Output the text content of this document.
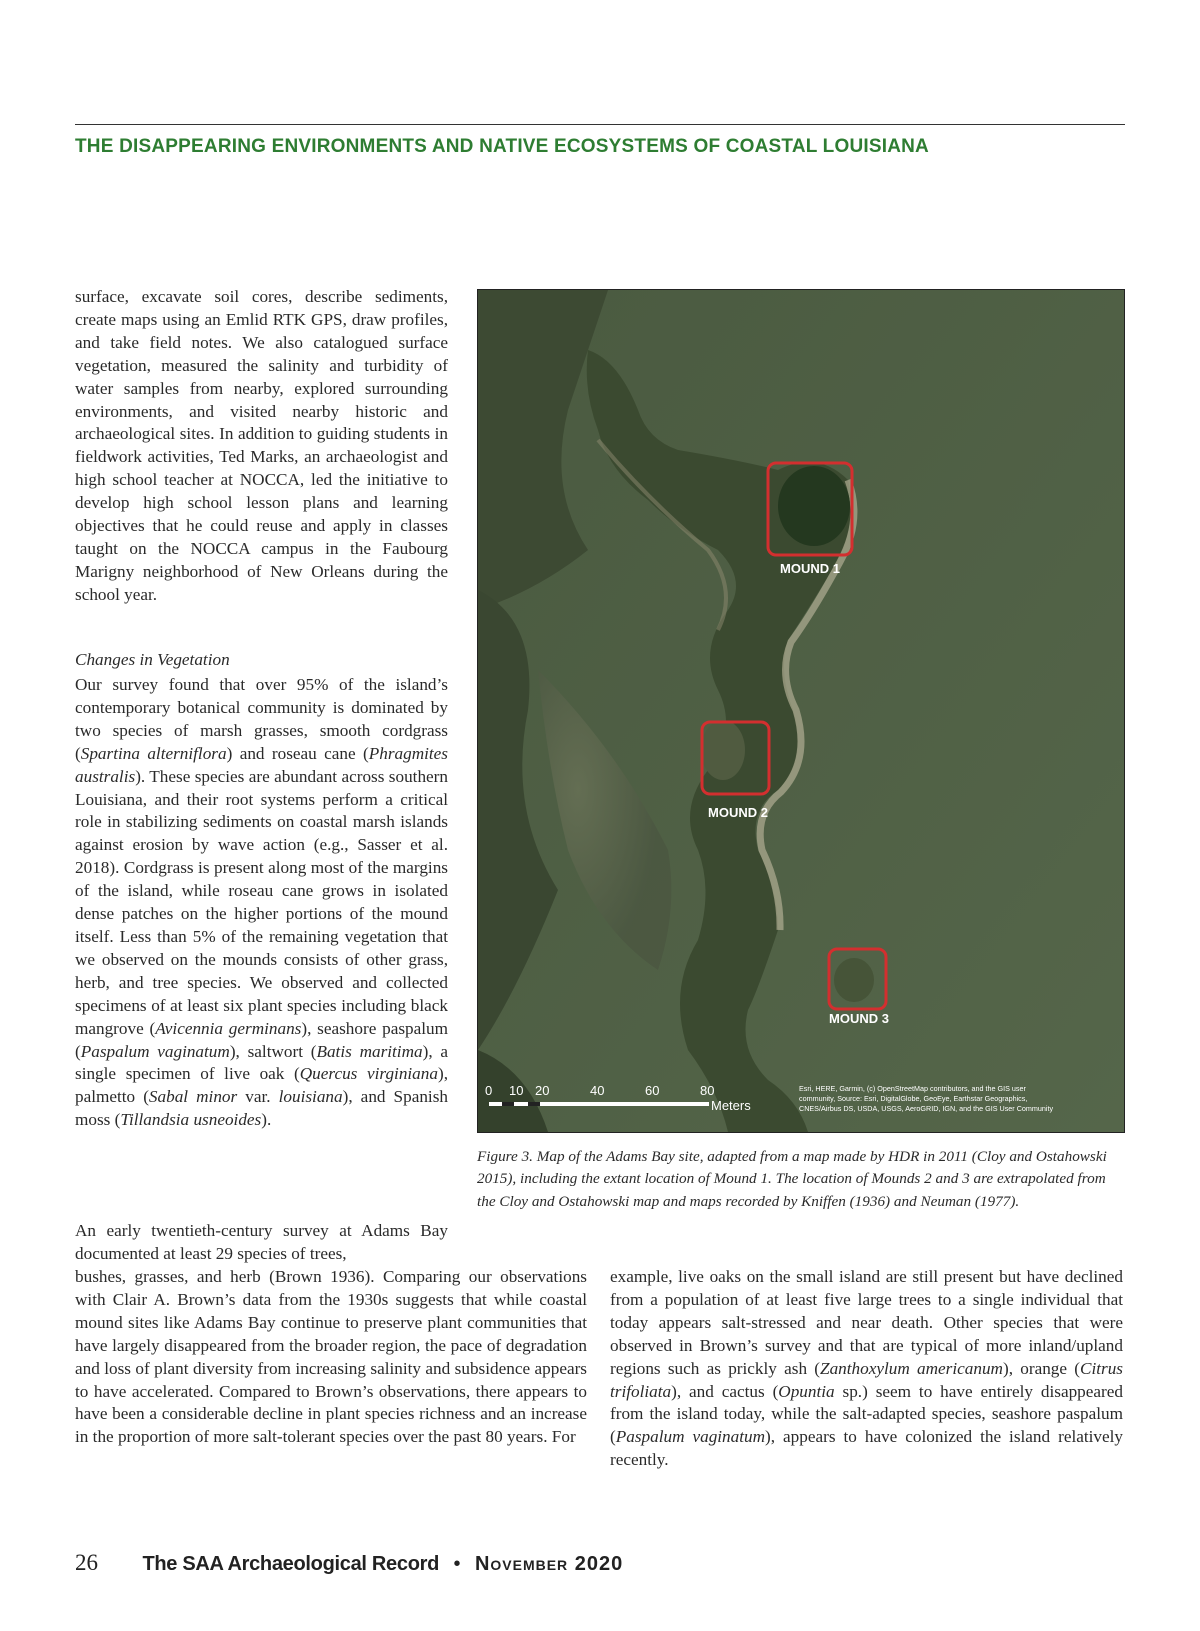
THE DISAPPEARING ENVIRONMENTS AND NATIVE ECOSYSTEMS OF COASTAL LOUISIANA

surface, excavate soil cores, describe sediments, create maps using an Emlid RTK GPS, draw profiles, and take field notes. We also catalogued surface vegetation, measured the salinity and turbidity of water samples from nearby, explored surrounding environments, and visited nearby historic and archaeological sites. In addition to guiding students in fieldwork activities, Ted Marks, an archaeologist and high school teacher at NOCCA, led the initiative to develop high school lesson plans and learning objectives that he could reuse and apply in classes taught on the NOCCA campus in the Faubourg Marigny neighborhood of New Orleans during the school year.

Changes in Vegetation

Our survey found that over 95% of the island’s contemporary botanical community is dominated by two species of marsh grasses, smooth cordgrass (Spartina alterniflora) and roseau cane (Phragmites australis). These species are abundant across southern Louisiana, and their root systems perform a critical role in stabilizing sediments on coastal marsh islands against erosion by wave action (e.g., Sasser et al. 2018). Cordgrass is present along most of the margins of the island, while roseau cane grows in isolated dense patches on the higher portions of the mound itself. Less than 5% of the remaining vegetation that we observed on the mounds consists of other grass, herb, and tree species. We observed and collected specimens of at least six plant species including black mangrove (Avicennia germinans), seashore paspalum (Paspalum vaginatum), saltwort (Batis maritima), a single specimen of live oak (Quercus virginiana), palmetto (Sabal minor var. louisiana), and Spanish moss (Tillandsia usneoides).

An early twentieth-century survey at Adams Bay documented at least 29 species of trees,

bushes, grasses, and herb (Brown 1936). Comparing our observations with Clair A. Brown’s data from the 1930s suggests that while coastal mound sites like Adams Bay continue to preserve plant communities that have largely disappeared from the broader region, the pace of degradation and loss of plant diversity from increasing salinity and subsidence appears to have accelerated. Compared to Brown’s observations, there appears to have been a considerable decline in plant species richness and an increase in the proportion of more salt-tolerant species over the past 80 years. For

example, live oaks on the small island are still present but have declined from a population of at least five large trees to a single individual that today appears salt-stressed and near death. Other species that were observed in Brown’s survey and that are typical of more inland/upland regions such as prickly ash (Zanthoxylum americanum), orange (Citrus trifoliata), and cactus (Opuntia sp.) seem to have entirely disappeared from the island today, while the salt-adapted species, seashore paspalum (Paspalum vaginatum), appears to have colonized the island relatively recently.

MOUND 1
MOUND 2
MOUND 3
0 10 20	40	60	80
Meters
Esri, HERE, Garmin, (c) OpenStreetMap contributors, and the GIS user
community, Source: Esri, DigitalGlobe, GeoEye, Earthstar Geographics,
CNES/Airbus DS, USDA, USGS, AeroGRID, IGN, and the GIS User Community

Figure 3. Map of the Adams Bay site, adapted from a map made by HDR in 2011 (Cloy and Ostahowski 2015), including the extant location of Mound 1. The location of Mounds 2 and 3 are extrapolated from the Cloy and Ostahowski map and maps recorded by Kniffen (1936) and Neuman (1977).

26 The SAA Archaeological Record • November 2020
